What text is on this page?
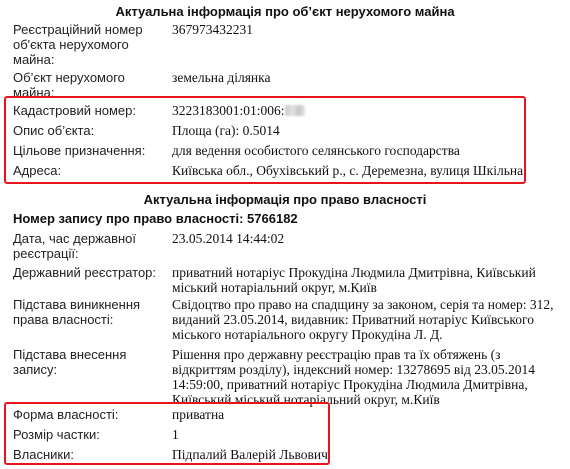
Актуальна інформація про об’єкт нерухомого майна
Реєстраційний номер об'єкта нерухомого майна:
367973432231
Об’єкт нерухомого майна:
земельна ділянка
Кадастровий номер:	3223183001:01:006:
Опис об’єкта:	Площа (га): 0.5014
Цільове призначення:	для ведення особистого селянського господарства
Адреса:	Київська обл., Обухівський р., с. Деремезна, вулиця Шкільна
Актуальна інформація про право власності
Номер запису про право власності: 5766182
Дата, час державної реєстрації:
23.05.2014 14:44:02
Державний реєстратор:	приватний нотаріус Прокудіна Людмила Дмитрівна, Київський міський нотаріальний округ, м.Київ
Підстава виникнення права власності:
Свідоцтво про право на спадщину за законом, серія та номер: 312, виданий 23.05.2014, видавник: Приватний нотаріус Київського міського нотаріального округу Прокудіна Л. Д.
Підстава внесення запису:
Рішення про державну реєстрацію прав та їх обтяжень (з відкриттям розділу), індексний номер: 13278695 від 23.05.2014 14:59:00, приватний нотаріус Прокудіна Людмила Дмитрівна, Київський міський нотаріальний округ, м.Київ
Форма власності:	приватна
Розмір частки:	1
Власники:	Підпалий Валерій Львович
